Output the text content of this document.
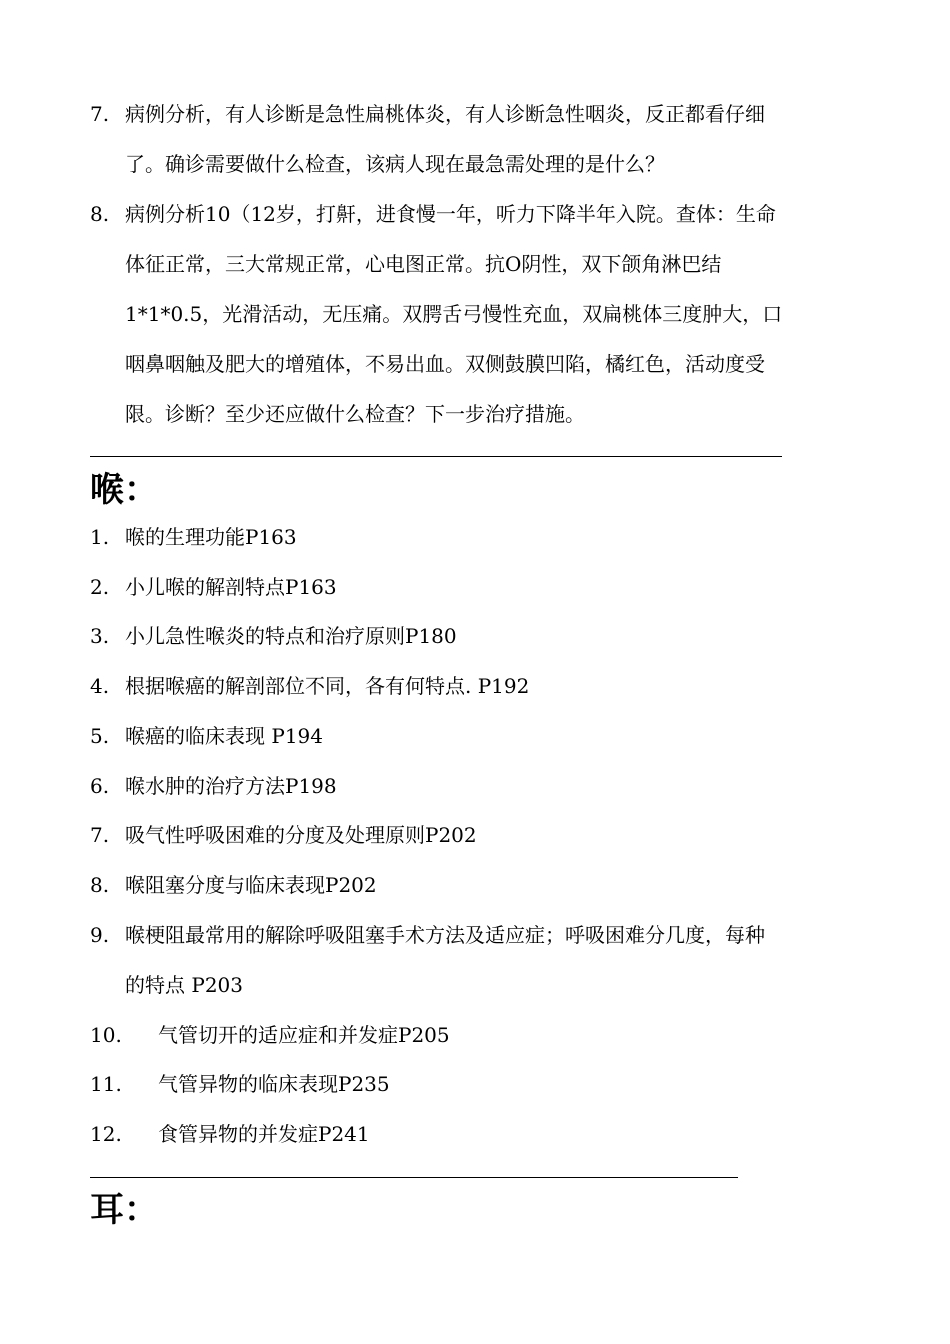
7. 病例分析，有人诊断是急性扁桃体炎，有人诊断急性咽炎，反正都看仔细
了。确诊需要做什么检查，该病人现在最急需处理的是什么？
8. 病例分析10（12岁，打鼾，进食慢一年，听力下降半年入院。查体：生命
体征正常，三大常规正常，心电图正常。抗O阴性，双下颌角淋巴结
1*1*0.5，光滑活动，无压痛。双腭舌弓慢性充血，双扁桃体三度肿大，口
咽鼻咽触及肥大的增殖体，不易出血。双侧鼓膜凹陷，橘红色，活动度受
限。诊断？至少还应做什么检查？下一步治疗措施。
喉：
1. 喉的生理功能P163
2. 小儿喉的解剖特点P163
3. 小儿急性喉炎的特点和治疗原则P180
4. 根据喉癌的解剖部位不同，各有何特点. P192
5. 喉癌的临床表现 P194
6. 喉水肿的治疗方法P198
7. 吸气性呼吸困难的分度及处理原则P202
8. 喉阻塞分度与临床表现P202
9. 喉梗阻最常用的解除呼吸阻塞手术方法及适应症；呼吸困难分几度，每种
的特点 P203
10. 气管切开的适应症和并发症P205
11. 气管异物的临床表现P235
12. 食管异物的并发症P241
耳：
